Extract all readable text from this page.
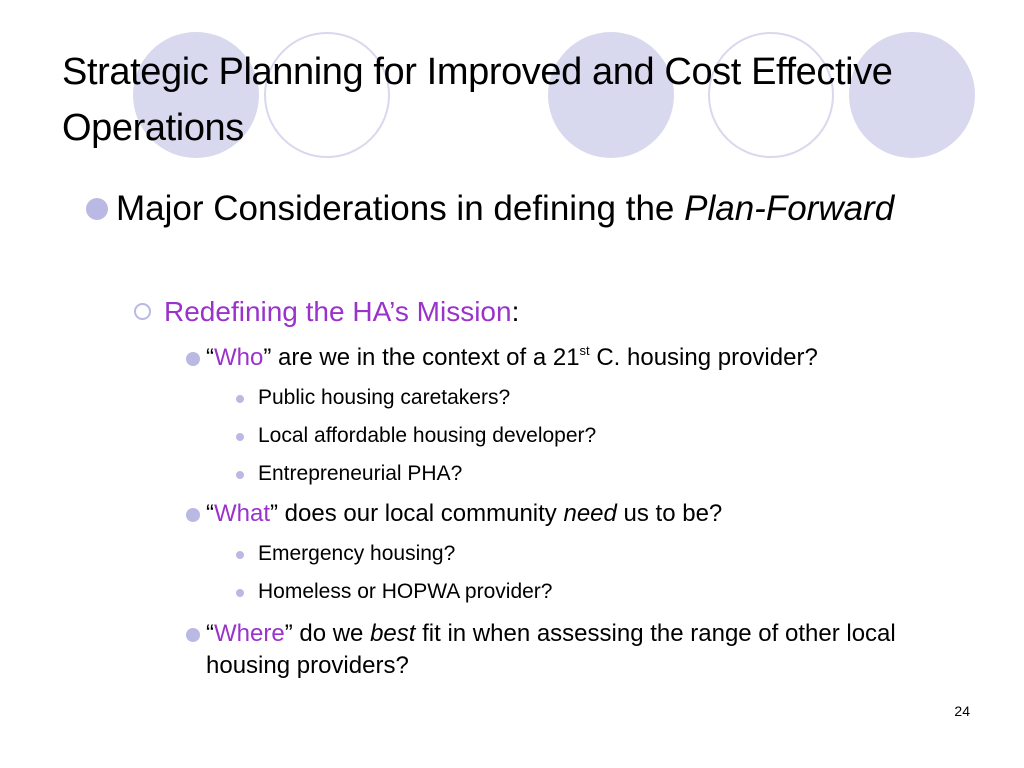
Strategic Planning for Improved and Cost Effective Operations
Major Considerations in defining the Plan-Forward
Redefining the HA’s Mission:
“Who” are we in the context of a 21st C. housing provider?
Public housing caretakers?
Local affordable housing developer?
Entrepreneurial PHA?
“What” does our local community need us to be?
Emergency housing?
Homeless or HOPWA provider?
“Where” do we best fit in when assessing the range of other local housing providers?
24
